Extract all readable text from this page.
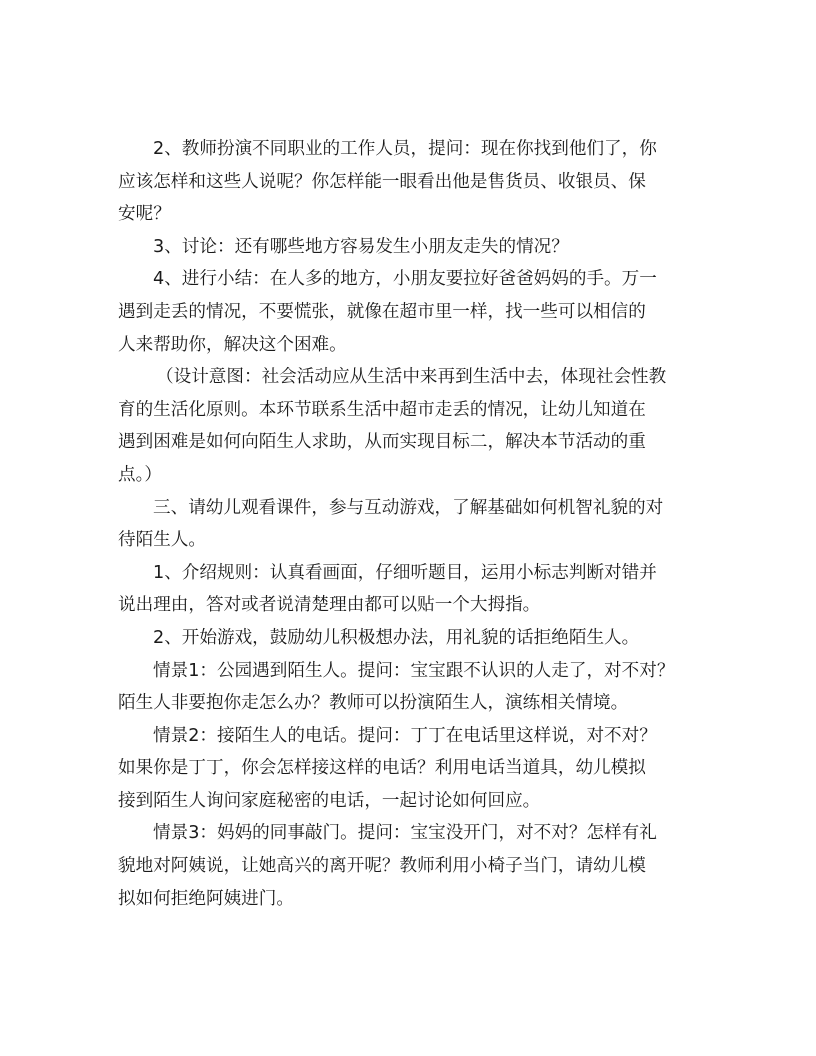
2、教师扮演不同职业的工作人员，提问：现在你找到他们了，你
应该怎样和这些人说呢？你怎样能一眼看出他是售货员、收银员、保
安呢？
3、讨论：还有哪些地方容易发生小朋友走失的情况？
4、进行小结：在人多的地方，小朋友要拉好爸爸妈妈的手。万一
遇到走丢的情况，不要慌张，就像在超市里一样，找一些可以相信的
人来帮助你，解决这个困难。
（设计意图：社会活动应从生活中来再到生活中去，体现社会性教
育的生活化原则。本环节联系生活中超市走丢的情况，让幼儿知道在
遇到困难是如何向陌生人求助，从而实现目标二，解决本节活动的重
点。）
三、请幼儿观看课件，参与互动游戏，了解基础如何机智礼貌的对
待陌生人。
1、介绍规则：认真看画面，仔细听题目，运用小标志判断对错并
说出理由，答对或者说清楚理由都可以贴一个大拇指。
2、开始游戏，鼓励幼儿积极想办法，用礼貌的话拒绝陌生人。
情景1：公园遇到陌生人。提问：宝宝跟不认识的人走了，对不对？
陌生人非要抱你走怎么办？教师可以扮演陌生人，演练相关情境。
情景2：接陌生人的电话。提问：丁丁在电话里这样说，对不对？
如果你是丁丁，你会怎样接这样的电话？利用电话当道具，幼儿模拟
接到陌生人询问家庭秘密的电话，一起讨论如何回应。
情景3：妈妈的同事敲门。提问：宝宝没开门，对不对？怎样有礼
貌地对阿姨说，让她高兴的离开呢？教师利用小椅子当门，请幼儿模
拟如何拒绝阿姨进门。
